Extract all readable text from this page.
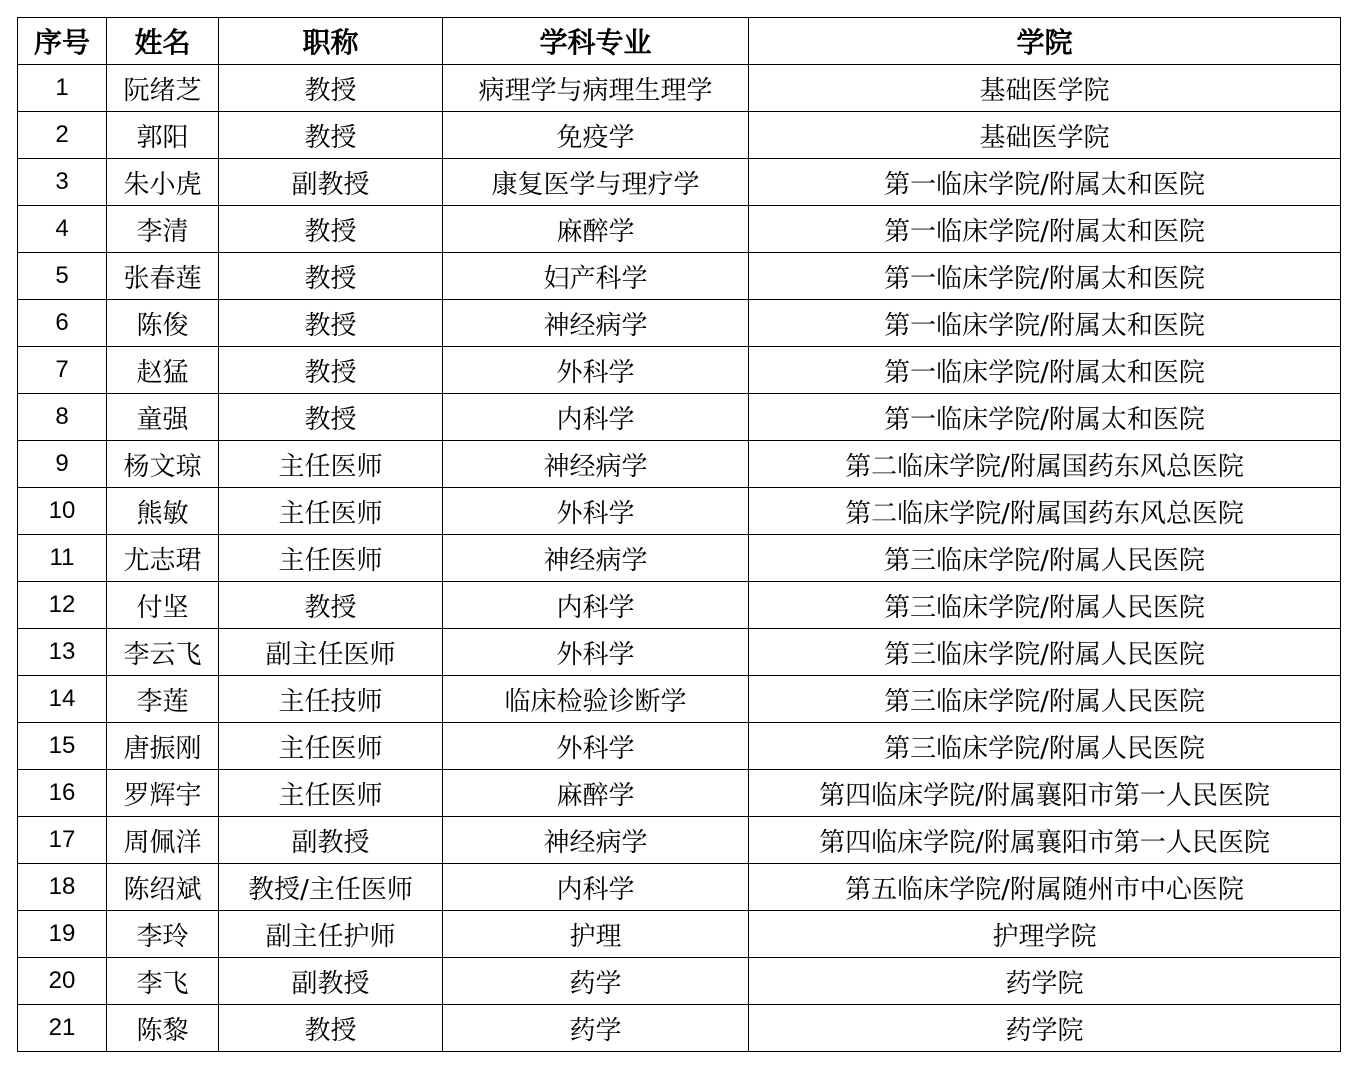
序号	姓名	职称	学科专业	学院
1	阮绪芝	教授	病理学与病理生理学	基础医学院
2	郭阳	教授	免疫学	基础医学院
3	朱小虎	副教授	康复医学与理疗学	第一临床学院/附属太和医院
4	李清	教授	麻醉学	第一临床学院/附属太和医院
5	张春莲	教授	妇产科学	第一临床学院/附属太和医院
6	陈俊	教授	神经病学	第一临床学院/附属太和医院
7	赵猛	教授	外科学	第一临床学院/附属太和医院
8	童强	教授	内科学	第一临床学院/附属太和医院
9	杨文琼	主任医师	神经病学	第二临床学院/附属国药东风总医院
10	熊敏	主任医师	外科学	第二临床学院/附属国药东风总医院
11	尤志珺	主任医师	神经病学	第三临床学院/附属人民医院
12	付坚	教授	内科学	第三临床学院/附属人民医院
13	李云飞	副主任医师	外科学	第三临床学院/附属人民医院
14	李莲	主任技师	临床检验诊断学	第三临床学院/附属人民医院
15	唐振刚	主任医师	外科学	第三临床学院/附属人民医院
16	罗辉宇	主任医师	麻醉学	第四临床学院/附属襄阳市第一人民医院
17	周佩洋	副教授	神经病学	第四临床学院/附属襄阳市第一人民医院
18	陈绍斌	教授/主任医师	内科学	第五临床学院/附属随州市中心医院
19	李玲	副主任护师	护理	护理学院
20	李飞	副教授	药学	药学院
21	陈黎	教授	药学	药学院
